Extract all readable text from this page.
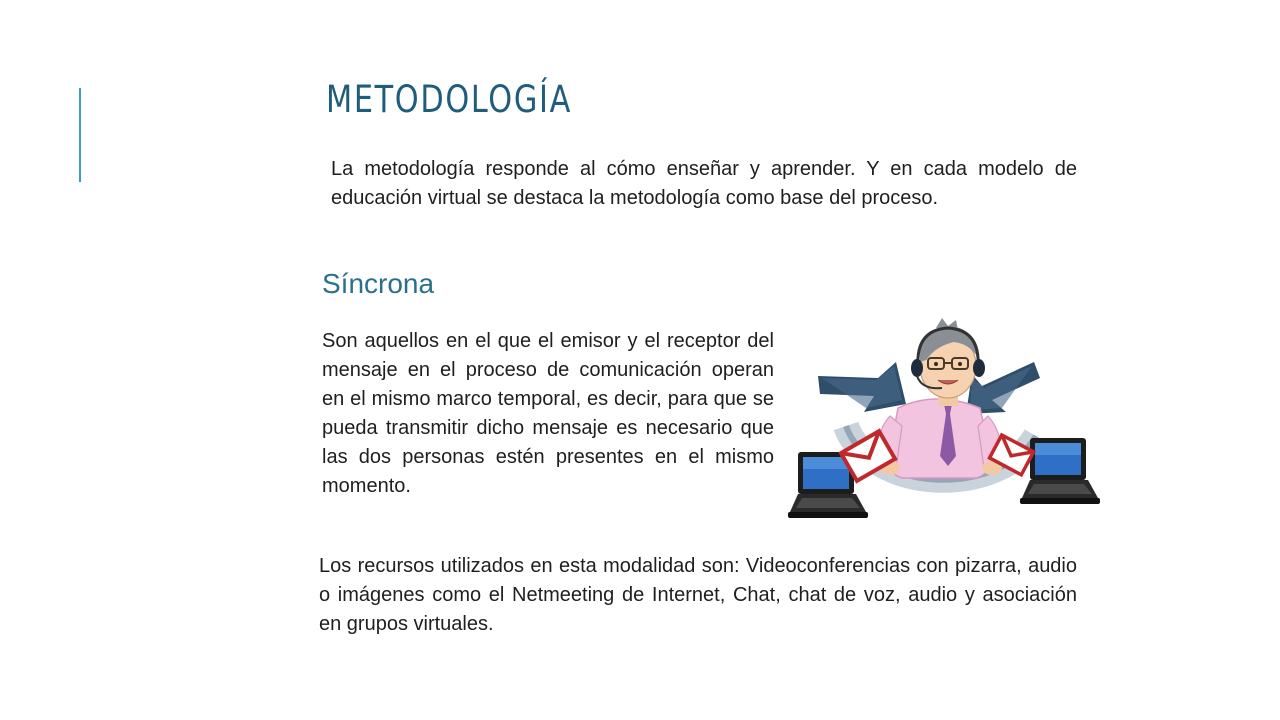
METODOLOGÍA

La metodología responde al cómo enseñar y aprender. Y en cada modelo de educación virtual se destaca la metodología como base del proceso.

Síncrona

Son aquellos en el que el emisor y el receptor del mensaje en el proceso de comunicación operan en el mismo marco temporal, es decir, para que se pueda transmitir dicho mensaje es necesario que las dos personas estén presentes en el mismo momento.

Los recursos utilizados en esta modalidad son: Videoconferencias con pizarra, audio o imágenes como el Netmeeting de Internet, Chat, chat de voz, audio y asociación en grupos virtuales.
